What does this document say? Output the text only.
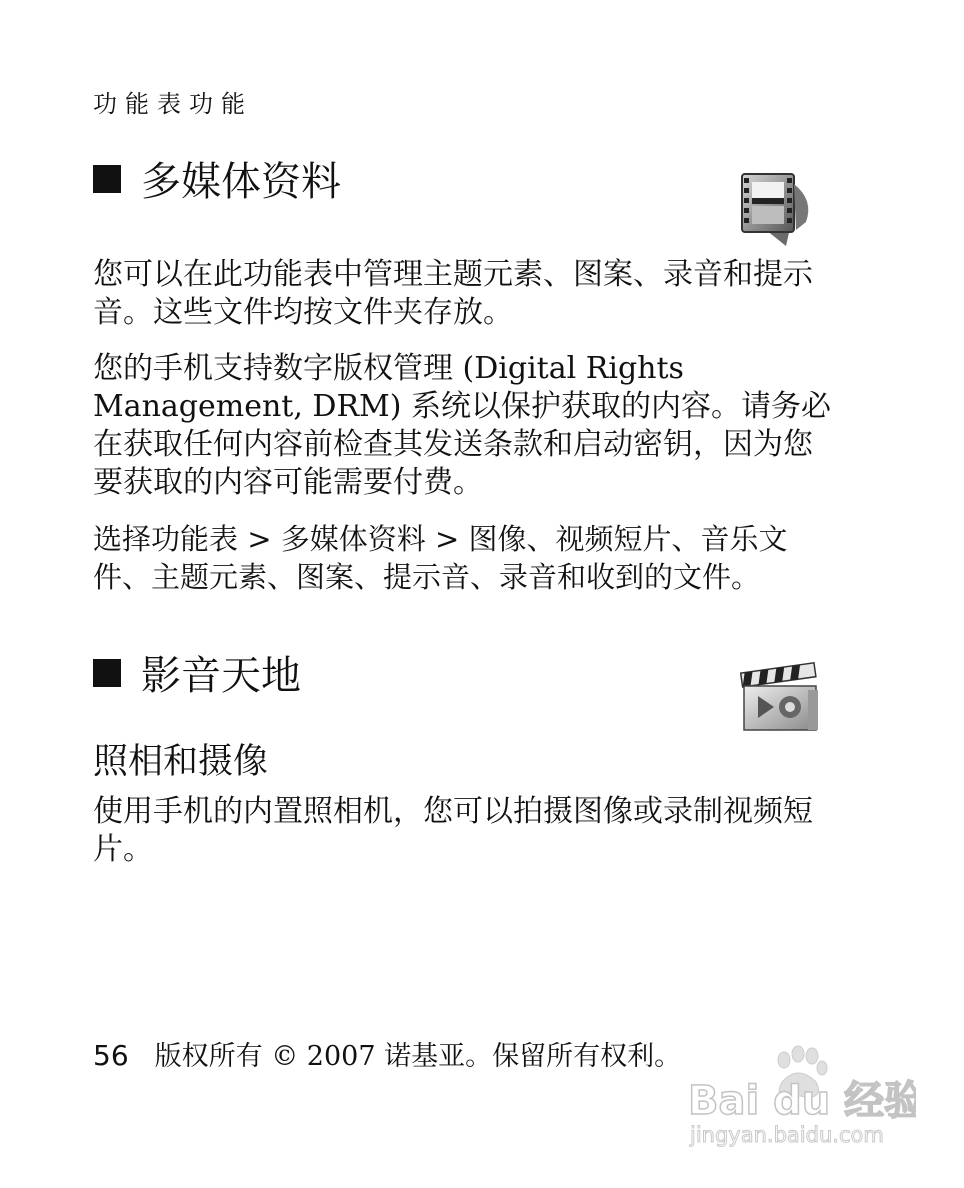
功能表功能
多媒体资料

您可以在此功能表中管理主题元素、图案、录音和提示音。这些文件均按文件夹存放。

您的手机支持数字版权管理 (Digital Rights Management, DRM) 系统以保护获取的内容。请务必在获取任何内容前检查其发送条款和启动密钥，因为您要获取的内容可能需要付费。

选择功能表 > 多媒体资料 > 图像、视频短片、音乐文件、主题元素、图案、提示音、录音和收到的文件。

影音天地
照相和摄像

使用手机的内置照相机，您可以拍摄图像或录制视频短片。

56 版权所有 © 2007 诺基亚。保留所有权利。
Bai du 经验
jingyan.baidu.com
